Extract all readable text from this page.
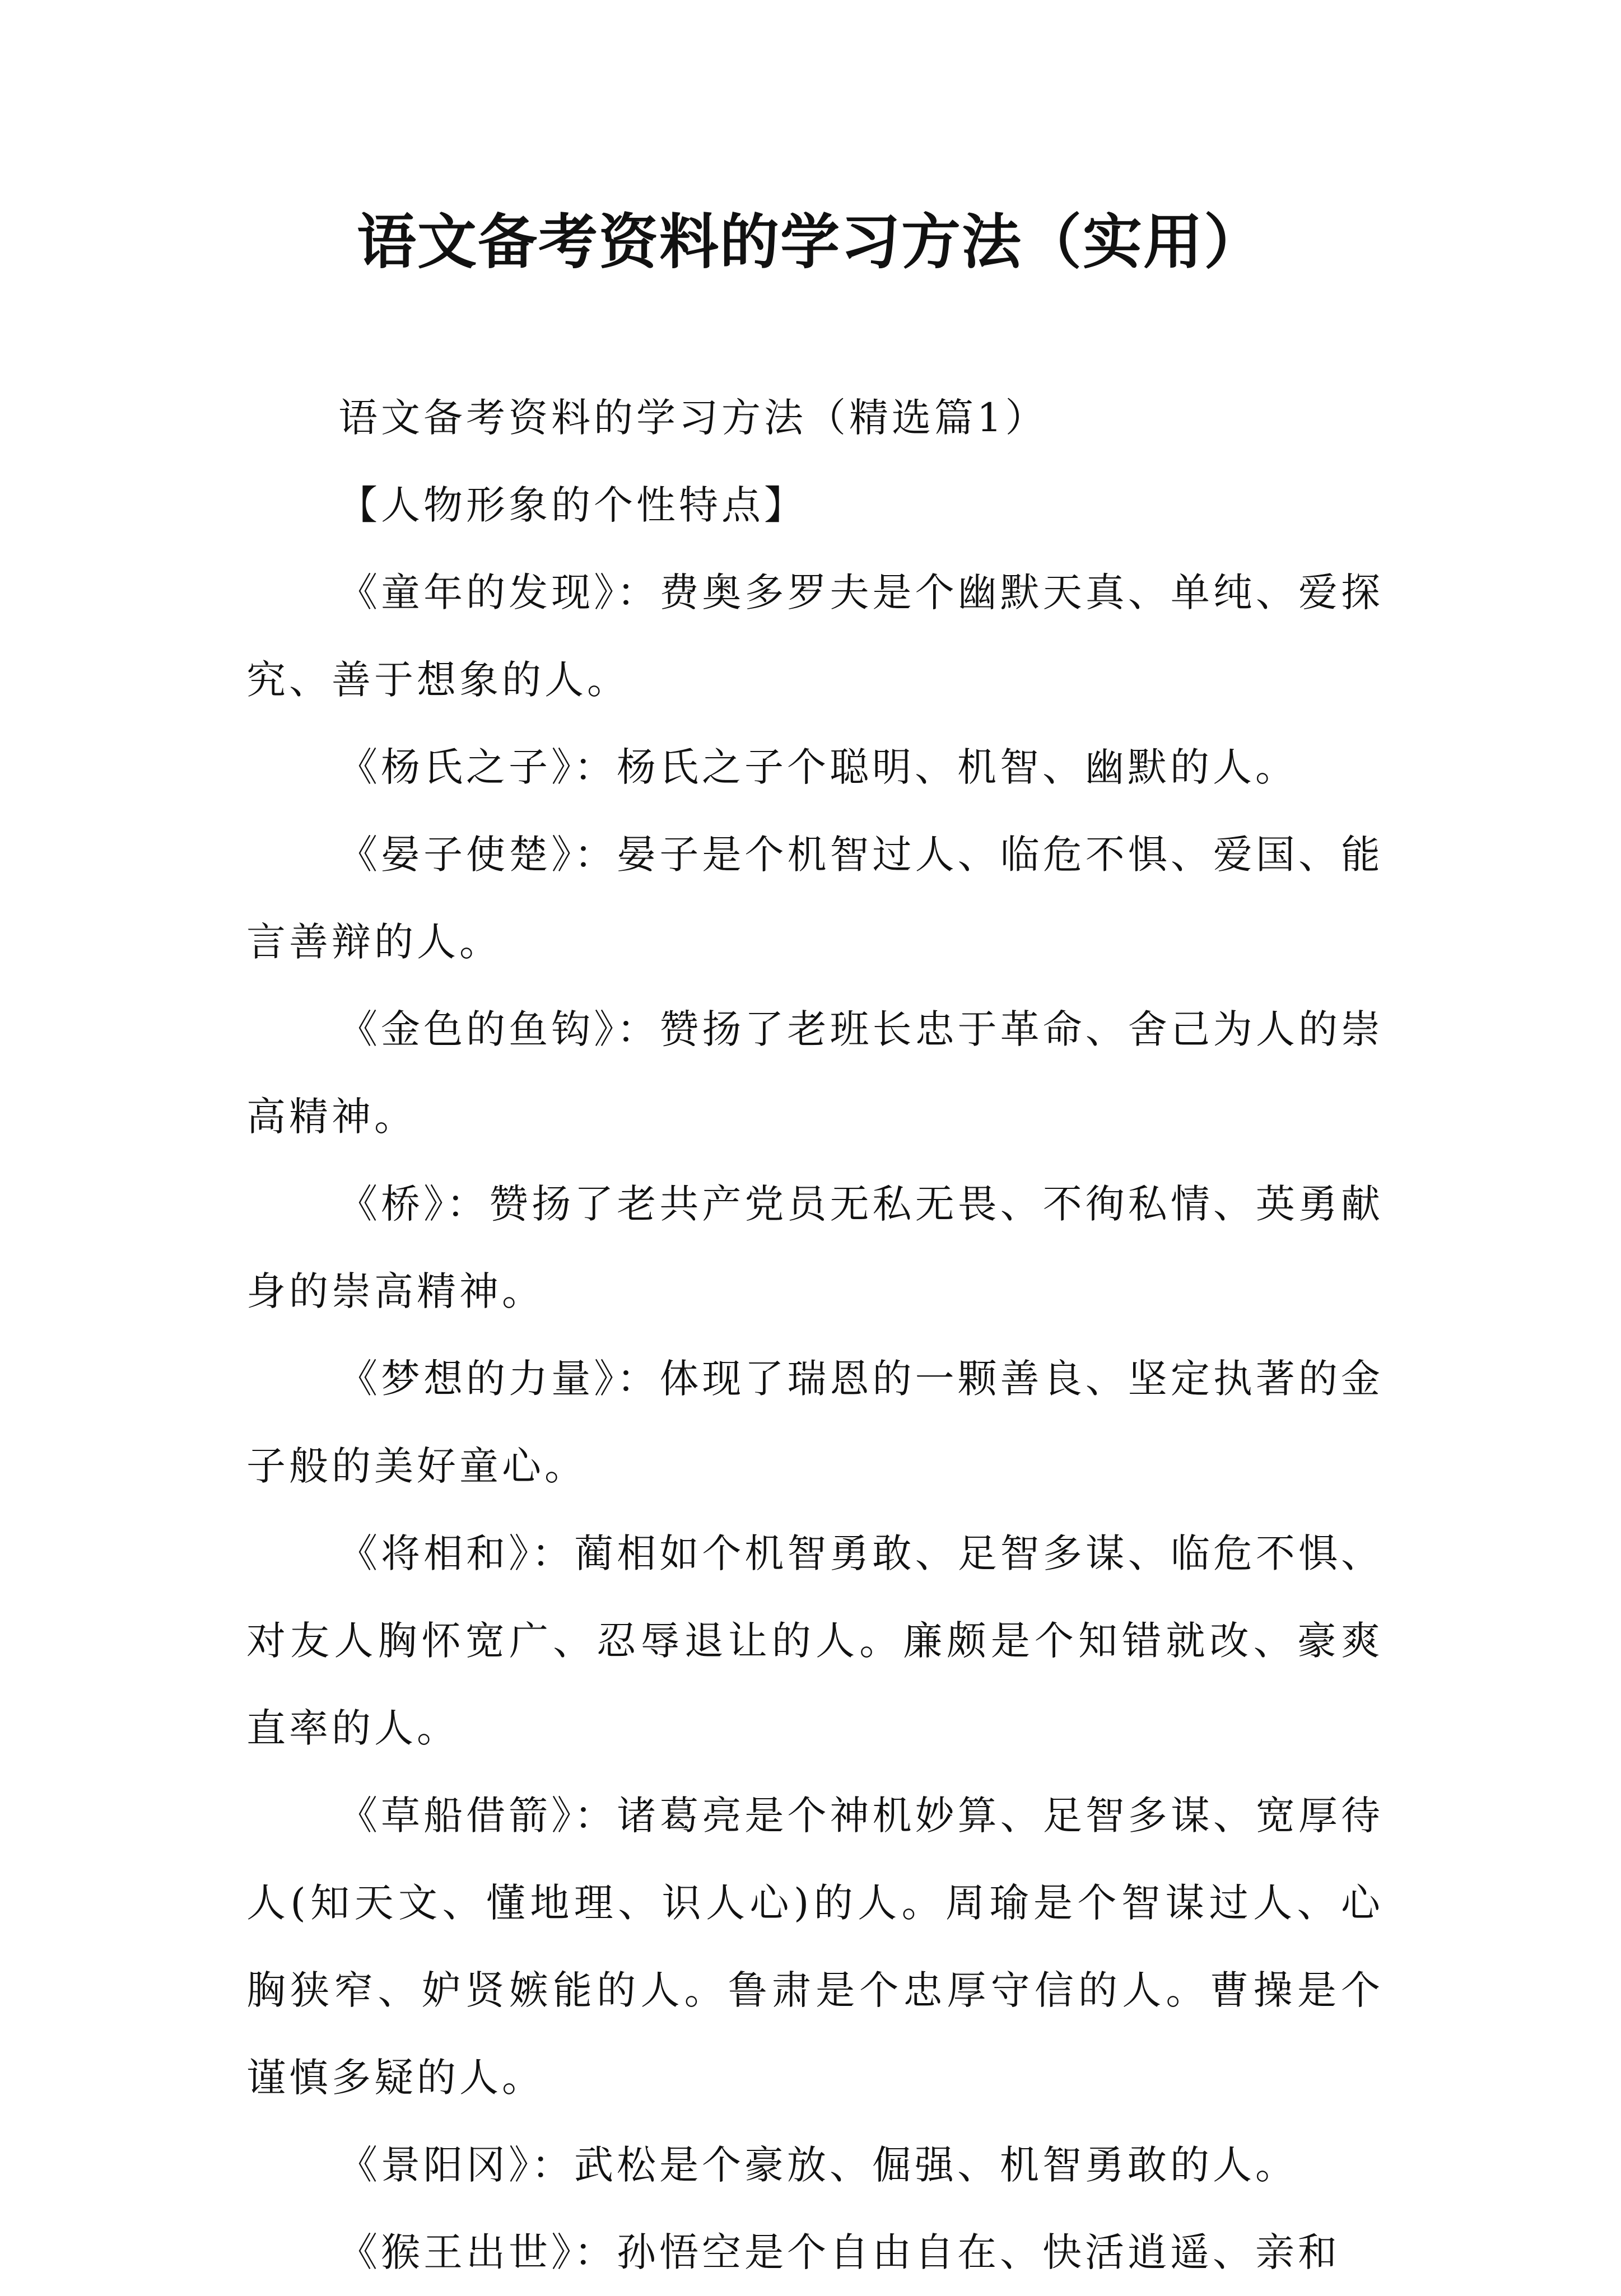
语文备考资料的学习方法（实用）

语文备考资料的学习方法（精选篇1）

【人物形象的个性特点】

《童年的发现》：费奥多罗夫是个幽默天真、单纯、爱探究、善于想象的人。

《杨氏之子》：杨氏之子个聪明、机智、幽默的人。

《晏子使楚》：晏子是个机智过人、临危不惧、爱国、能言善辩的人。

《金色的鱼钩》：赞扬了老班长忠于革命、舍己为人的崇高精神。

《桥》：赞扬了老共产党员无私无畏、不徇私情、英勇献身的崇高精神。

《梦想的力量》：体现了瑞恩的一颗善良、坚定执著的金子般的美好童心。

《将相和》：蔺相如个机智勇敢、足智多谋、临危不惧、对友人胸怀宽广、忍辱退让的人。廉颇是个知错就改、豪爽直率的人。

《草船借箭》：诸葛亮是个神机妙算、足智多谋、宽厚待人(知天文、懂地理、识人心)的人。周瑜是个智谋过人、心胸狭窄、妒贤嫉能的人。鲁肃是个忠厚守信的人。曹操是个谨慎多疑的人。

《景阳冈》：武松是个豪放、倔强、机智勇敢的人。

《猴王出世》：孙悟空是个自由自在、快活逍遥、亲和
